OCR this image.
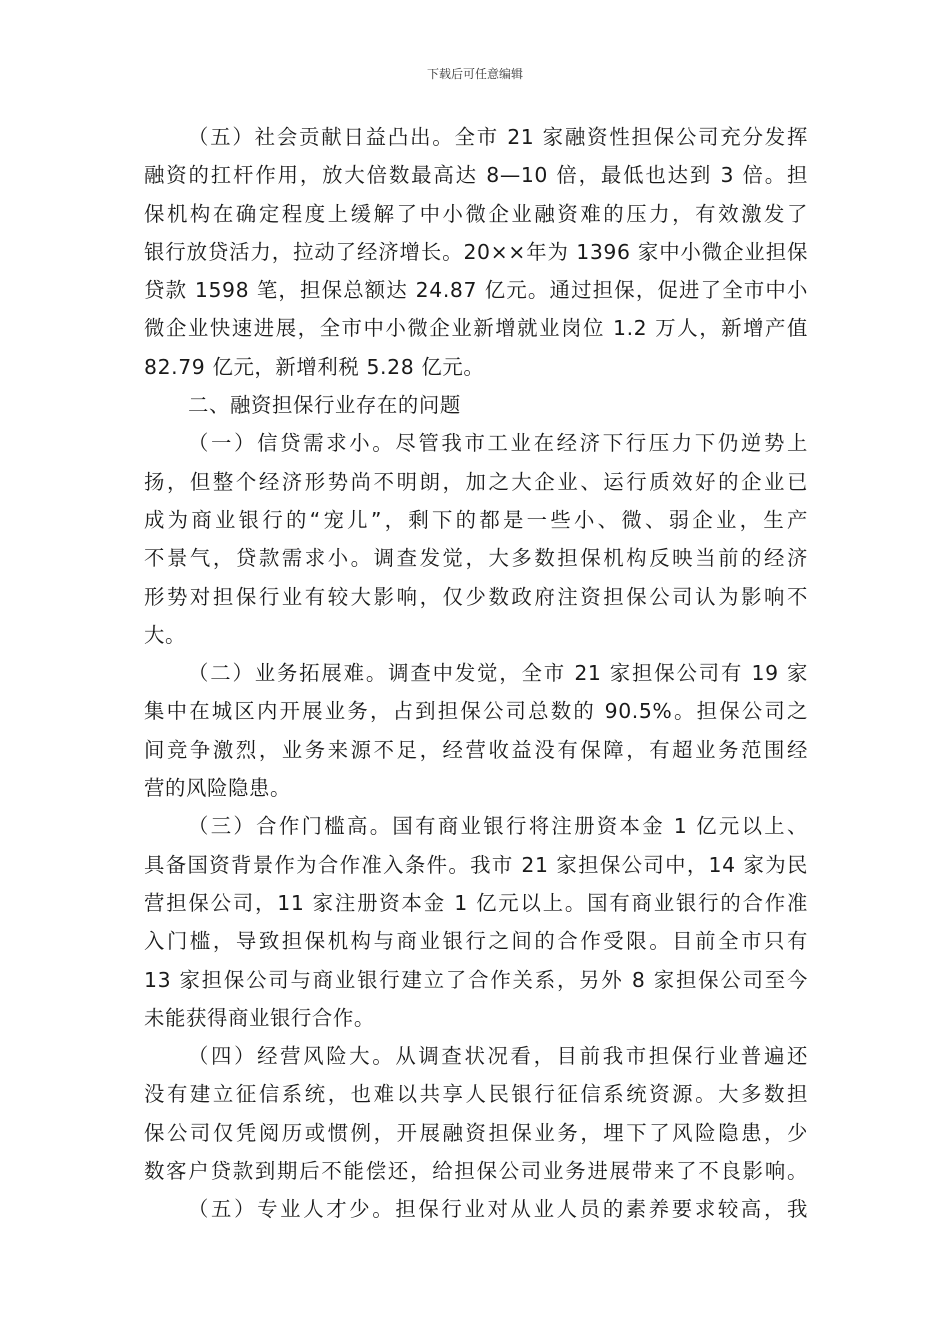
下载后可任意编辑
（五）社会贡献日益凸出。全市 21 家融资性担保公司充分发挥
融资的扛杆作用，放大倍数最高达 8—10 倍，最低也达到 3 倍。担
保机构在确定程度上缓解了中小微企业融资难的压力，有效激发了
银行放贷活力，拉动了经济增长。20××年为 1396 家中小微企业担保
贷款 1598 笔，担保总额达 24.87 亿元。通过担保，促进了全市中小
微企业快速进展，全市中小微企业新增就业岗位 1.2 万人，新增产值
82.79 亿元，新增利税 5.28 亿元。
二、融资担保行业存在的问题
（一）信贷需求小。尽管我市工业在经济下行压力下仍逆势上
扬，但整个经济形势尚不明朗，加之大企业、运行质效好的企业已
成为商业银行的“宠儿”，剩下的都是一些小、微、弱企业，生产
不景气，贷款需求小。调查发觉，大多数担保机构反映当前的经济
形势对担保行业有较大影响，仅少数政府注资担保公司认为影响不
大。
（二）业务拓展难。调查中发觉，全市 21 家担保公司有 19 家
集中在城区内开展业务，占到担保公司总数的 90.5%。担保公司之
间竞争激烈，业务来源不足，经营收益没有保障，有超业务范围经
营的风险隐患。
（三）合作门槛高。国有商业银行将注册资本金 1 亿元以上、
具备国资背景作为合作准入条件。我市 21 家担保公司中，14 家为民
营担保公司，11 家注册资本金 1 亿元以上。国有商业银行的合作准
入门槛，导致担保机构与商业银行之间的合作受限。目前全市只有
13 家担保公司与商业银行建立了合作关系，另外 8 家担保公司至今
未能获得商业银行合作。
（四）经营风险大。从调查状况看，目前我市担保行业普遍还
没有建立征信系统，也难以共享人民银行征信系统资源。大多数担
保公司仅凭阅历或惯例，开展融资担保业务，埋下了风险隐患，少
数客户贷款到期后不能偿还，给担保公司业务进展带来了不良影响。
（五）专业人才少。担保行业对从业人员的素养要求较高，我
